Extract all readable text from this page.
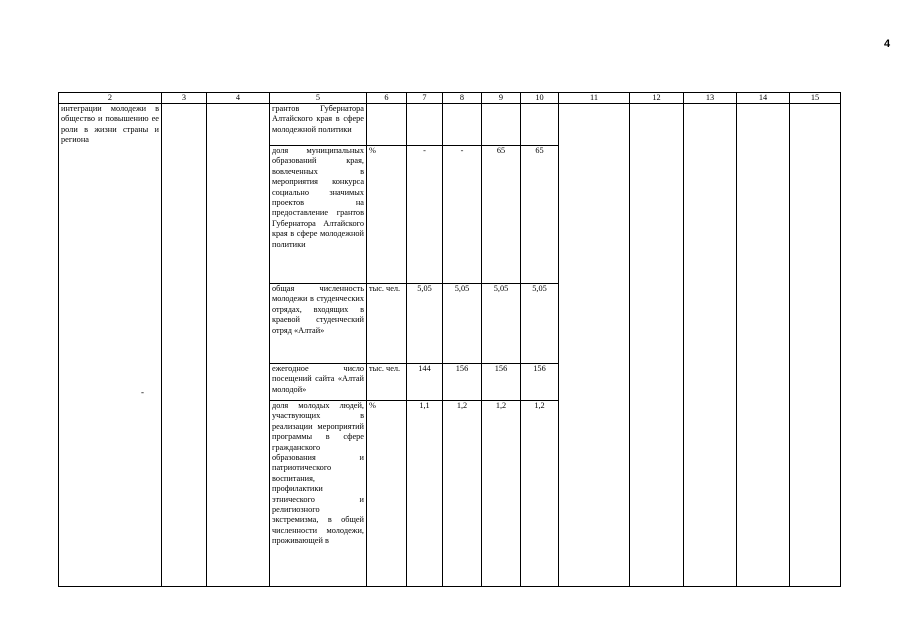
4
2	3	4	5	6	7	8	9	10	11	12	13	14	15
интеграции молодежи в общество и повышению ее роли в жизни страны и региона			грантов Губернатора Алтайского края в сфере молодежной политики										
			доля муниципальных образований края, вовлеченных в мероприятия конкурса социально значимых проектов на предоставление грантов Губернатора Алтайского края в сфере молодежной политики	%	-	-	65	65					
			общая численность молодежи в студенческих отрядах, входящих в краевой студенческий отряд «Алтай»	тыс. чел.	5,05	5,05	5,05	5,05					
			ежегодное число посещений сайта «Алтай молодой»	тыс. чел.	144	156	156	156					
			доля молодых людей, участвующих в реализации мероприятий программы в сфере гражданского образования и патриотического воспитания, профилактики этнического и религиозного экстремизма, в общей численности молодежи, проживающей в	%	1,1	1,2	1,2	1,2					
-
